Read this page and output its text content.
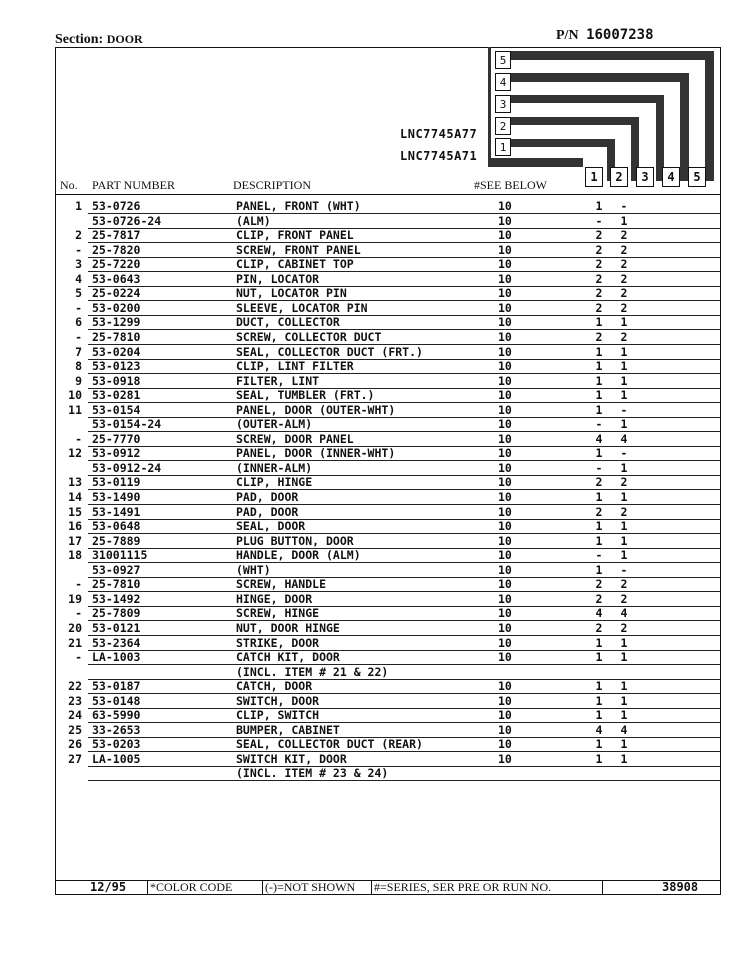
Section: DOOR	P/N 16007238
LNC7745A77
LNC7745A71
5
4
3
2
1
No. PART NUMBER	DESCRIPTION	#SEE BELOW
1	2	3	4	5
1 53-0726	PANEL, FRONT (WHT)	10	1	-
53-0726-24	(ALM)	10	-	1
2 25-7817	CLIP, FRONT PANEL	10	2	2
- 25-7820	SCREW, FRONT PANEL	10	2	2
3 25-7220	CLIP, CABINET TOP	10	2	2
4 53-0643	PIN, LOCATOR	10	2	2
5 25-0224	NUT, LOCATOR PIN	10	2	2
- 53-0200	SLEEVE, LOCATOR PIN	10	2	2
6 53-1299	DUCT, COLLECTOR	10	1	1
- 25-7810	SCREW, COLLECTOR DUCT	10	2	2
7 53-0204	SEAL, COLLECTOR DUCT (FRT.)	10	1	1
8 53-0123	CLIP, LINT FILTER	10	1	1
9 53-0918	FILTER, LINT	10	1	1
10 53-0281	SEAL, TUMBLER (FRT.)	10	1	1
11 53-0154	PANEL, DOOR (OUTER-WHT)	10	1	-
53-0154-24	(OUTER-ALM)	10	-	1
- 25-7770	SCREW, DOOR PANEL	10	4	4
12 53-0912	PANEL, DOOR (INNER-WHT)	10	1	-
53-0912-24	(INNER-ALM)	10	-	1
13 53-0119	CLIP, HINGE	10	2	2
14 53-1490	PAD, DOOR	10	1	1
15 53-1491	PAD, DOOR	10	2	2
16 53-0648	SEAL, DOOR	10	1	1
17 25-7889	PLUG BUTTON, DOOR	10	1	1
18 31001115	HANDLE, DOOR (ALM)	10	-	1
53-0927	(WHT)	10	1	-
- 25-7810	SCREW, HANDLE	10	2	2
19 53-1492	HINGE, DOOR	10	2	2
- 25-7809	SCREW, HINGE	10	4	4
20 53-0121	NUT, DOOR HINGE	10	2	2
21 53-2364	STRIKE, DOOR	10	1	1
- LA-1003	CATCH KIT, DOOR	10	1	1
(INCL. ITEM # 21 & 22)
22 53-0187	CATCH, DOOR	10	1	1
23 53-0148	SWITCH, DOOR	10	1	1
24 63-5990	CLIP, SWITCH	10	1	1
25 33-2653	BUMPER, CABINET	10	4	4
26 53-0203	SEAL, COLLECTOR DUCT (REAR)	10	1	1
27 LA-1005	SWITCH KIT, DOOR	10	1	1
(INCL. ITEM # 23 & 24)
12/95 *COLOR CODE	(-)=NOT SHOWN #=SERIES, SER PRE OR RUN NO.	38908
